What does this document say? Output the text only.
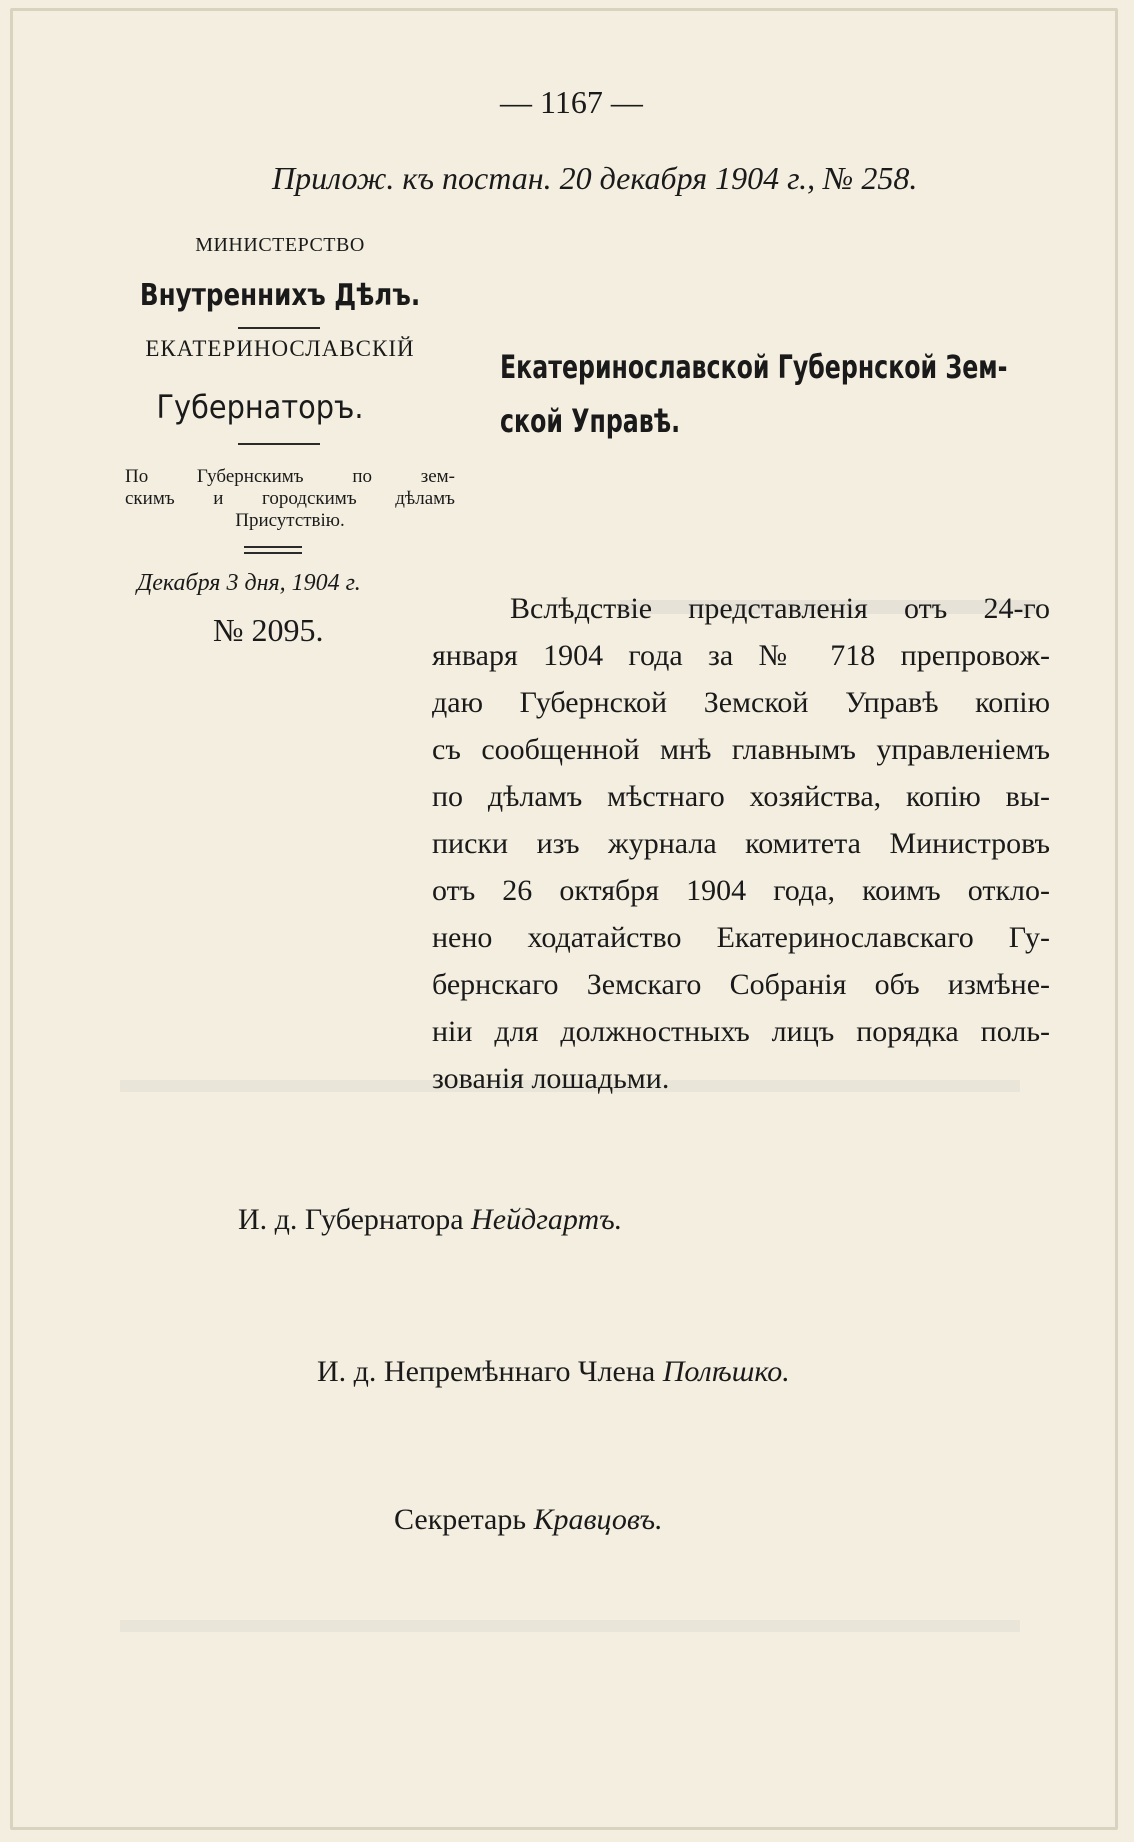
— 1167 —
Прилож. къ постан. 20 декабря 1904 г., № 258.
МИНИСТЕРСТВО
Внутреннихъ Дѣлъ.
ЕКАТЕРИНОСЛАВСКІЙ
Губернаторъ.
По Губернскимъ по зем-
скимъ и городскимъ дѣламъ
Присутствію.
Декабря 3 дня, 1904 г.
№ 2095.
Екатеринославской Губернской Зем-
ской Управѣ.
Вслѣдствіе представленія отъ 24-го
января 1904 года за № 718 препровож-
даю Губернской Земской Управѣ копію
съ сообщенной мнѣ главнымъ управленіемъ
по дѣламъ мѣстнаго хозяйства, копію вы-
писки изъ журнала комитета Министровъ
отъ 26 октября 1904 года, коимъ откло-
нено ходатайство Екатеринославскаго Гу-
бернскаго Земскаго Собранія объ измѣне-
ніи для должностныхъ лицъ порядка поль-
зованія лошадьми.
И. д. Губернатора Нейдгартъ.
И. д. Непремѣннаго Члена Полѣшко.
Секретарь Кравцовъ.
